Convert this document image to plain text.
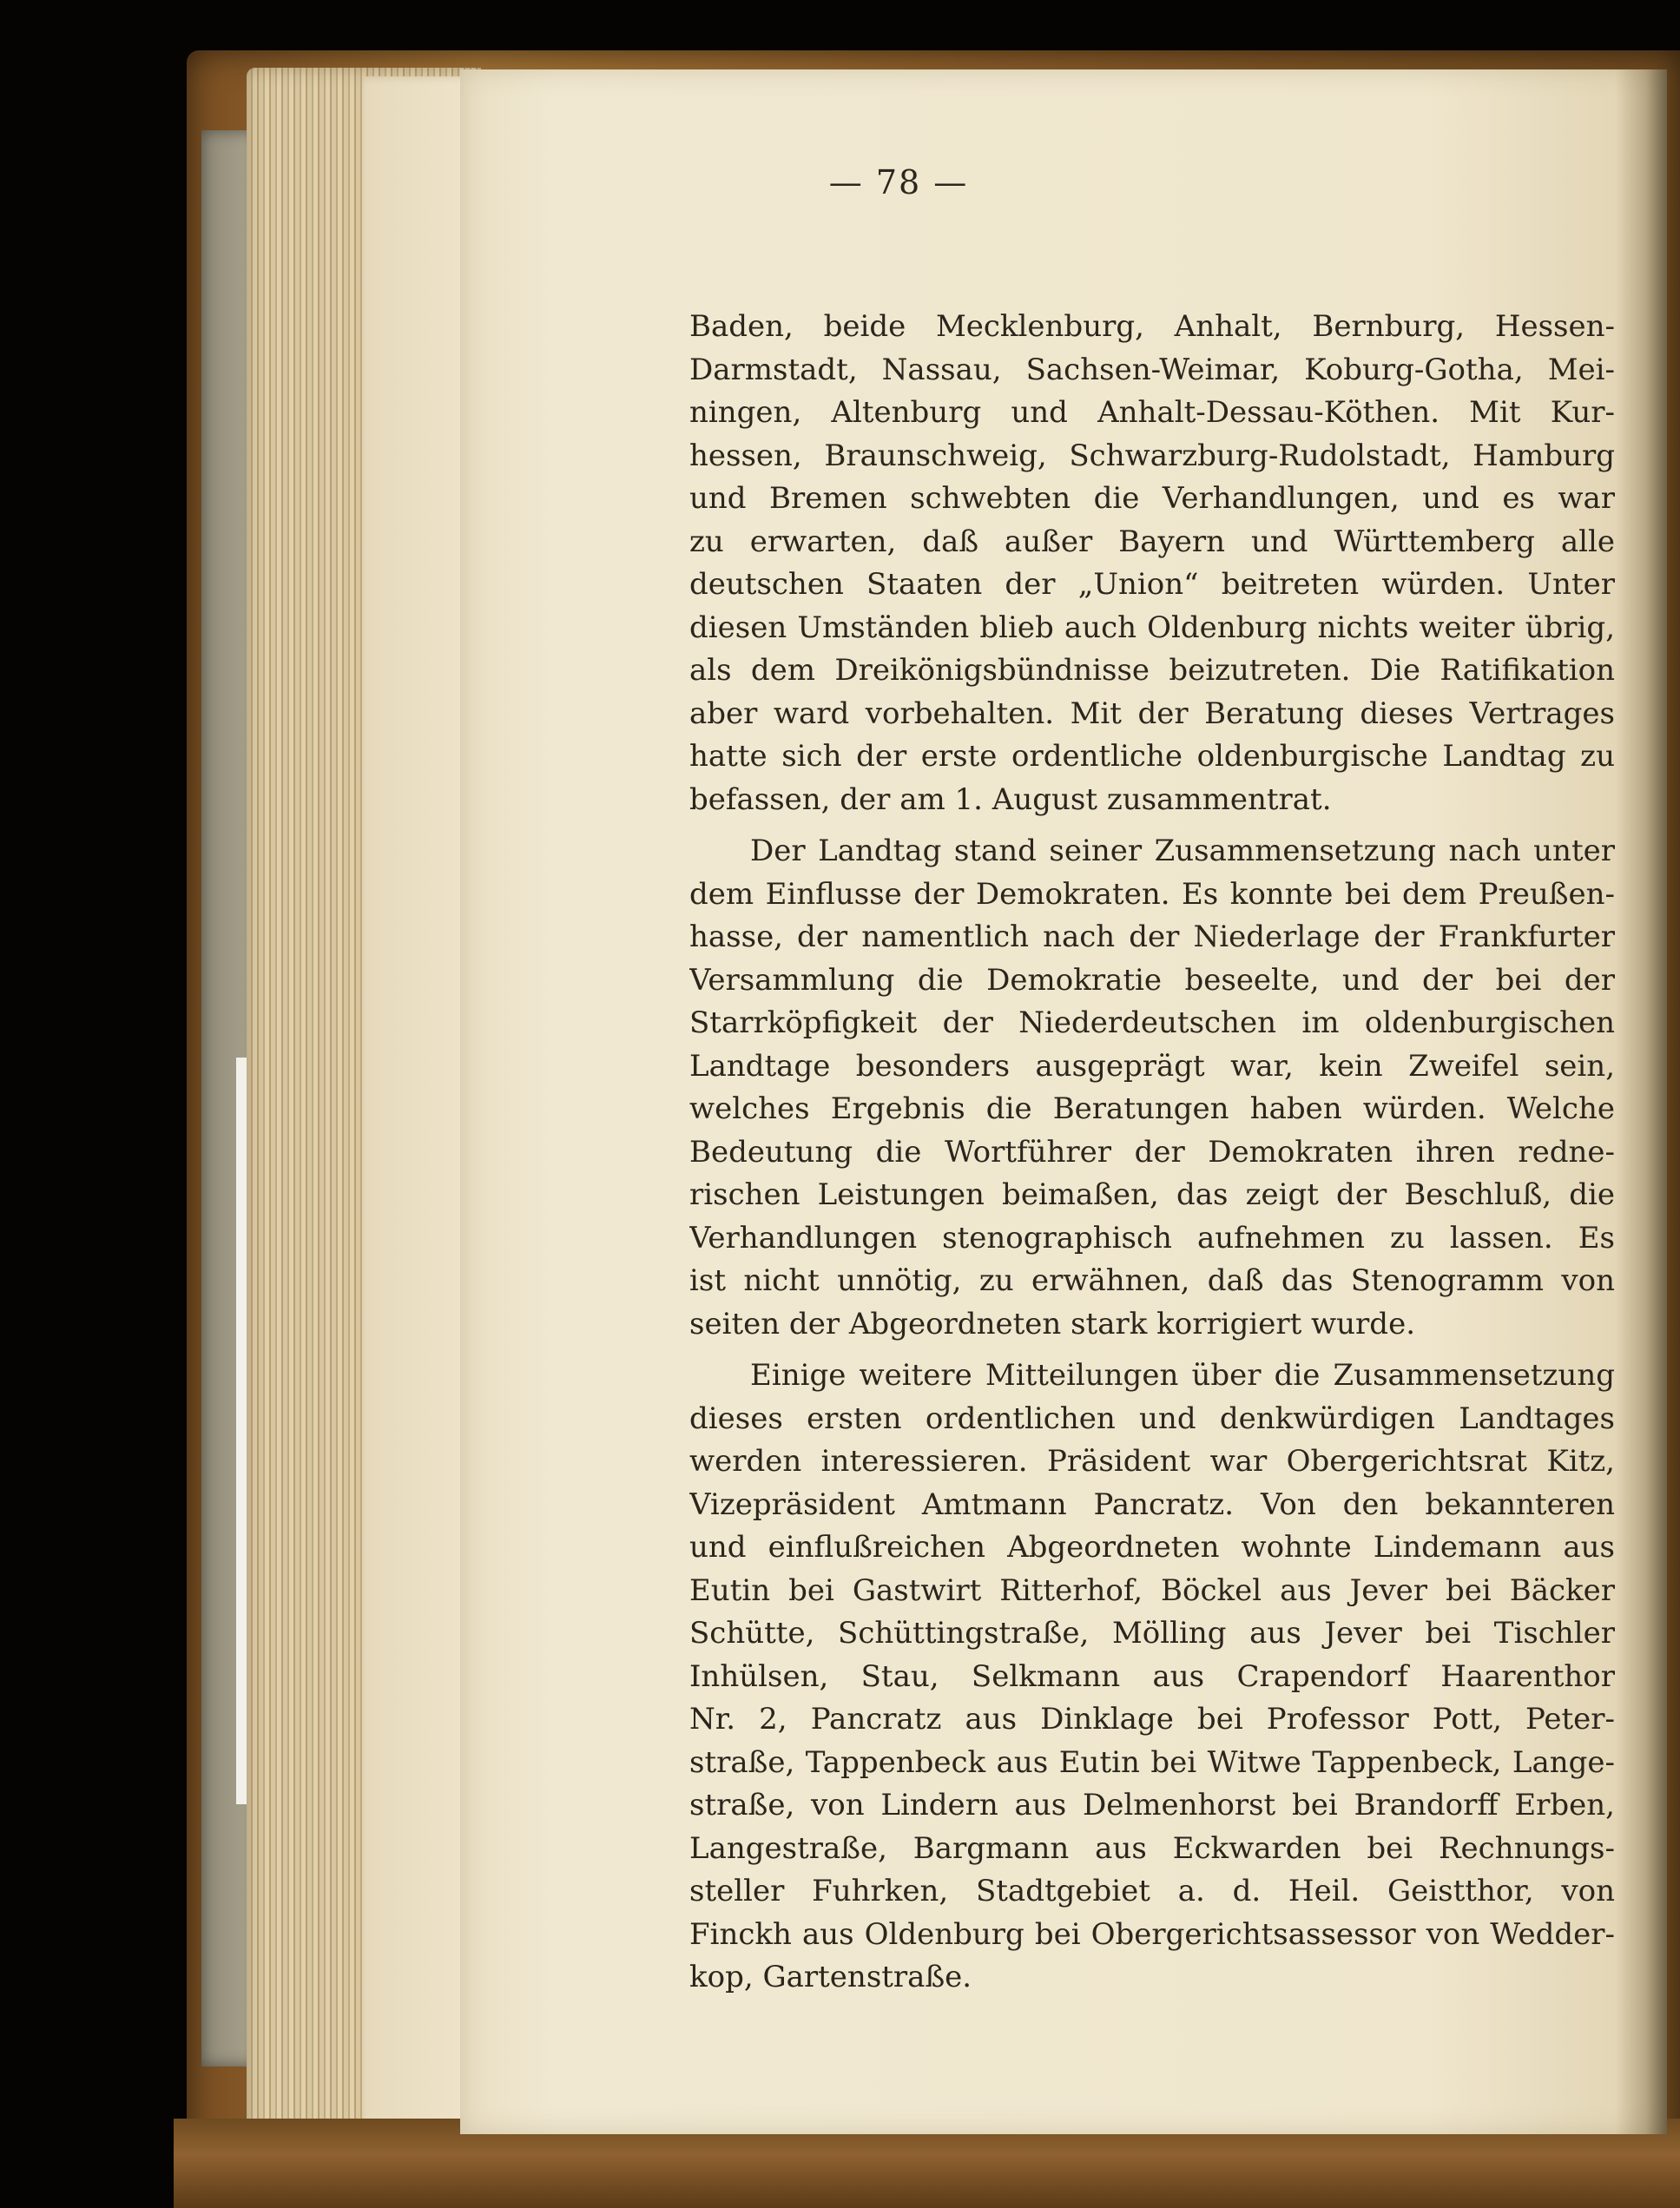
— 78 —
Baden, beide Mecklenburg, Anhalt, Bernburg, Hessen-
Darmstadt, Nassau, Sachsen-Weimar, Koburg-Gotha, Mei-
ningen, Altenburg und Anhalt-Dessau-Köthen. Mit Kur-
hessen, Braunschweig, Schwarzburg-Rudolstadt, Hamburg
und Bremen schwebten die Verhandlungen, und es war
zu erwarten, daß außer Bayern und Württemberg alle
deutschen Staaten der „Union“ beitreten würden. Unter
diesen Umständen blieb auch Oldenburg nichts weiter übrig,
als dem Dreikönigsbündnisse beizutreten. Die Ratifikation
aber ward vorbehalten. Mit der Beratung dieses Vertrages
hatte sich der erste ordentliche oldenburgische Landtag zu
befassen, der am 1. August zusammentrat.
Der Landtag stand seiner Zusammensetzung nach unter
dem Einflusse der Demokraten. Es konnte bei dem Preußen-
hasse, der namentlich nach der Niederlage der Frankfurter
Versammlung die Demokratie beseelte, und der bei der
Starrköpfigkeit der Niederdeutschen im oldenburgischen
Landtage besonders ausgeprägt war, kein Zweifel sein,
welches Ergebnis die Beratungen haben würden. Welche
Bedeutung die Wortführer der Demokraten ihren redne-
rischen Leistungen beimaßen, das zeigt der Beschluß, die
Verhandlungen stenographisch aufnehmen zu lassen. Es
ist nicht unnötig, zu erwähnen, daß das Stenogramm von
seiten der Abgeordneten stark korrigiert wurde.
Einige weitere Mitteilungen über die Zusammensetzung
dieses ersten ordentlichen und denkwürdigen Landtages
werden interessieren. Präsident war Obergerichtsrat Kitz,
Vizepräsident Amtmann Pancratz. Von den bekannteren
und einflußreichen Abgeordneten wohnte Lindemann aus
Eutin bei Gastwirt Ritterhof, Böckel aus Jever bei Bäcker
Schütte, Schüttingstraße, Mölling aus Jever bei Tischler
Inhülsen, Stau, Selkmann aus Crapendorf Haarenthor
Nr. 2, Pancratz aus Dinklage bei Professor Pott, Peter-
straße, Tappenbeck aus Eutin bei Witwe Tappenbeck, Lange-
straße, von Lindern aus Delmenhorst bei Brandorff Erben,
Langestraße, Bargmann aus Eckwarden bei Rechnungs-
steller Fuhrken, Stadtgebiet a. d. Heil. Geistthor, von
Finckh aus Oldenburg bei Obergerichtsassessor von Wedder-
kop, Gartenstraße.
